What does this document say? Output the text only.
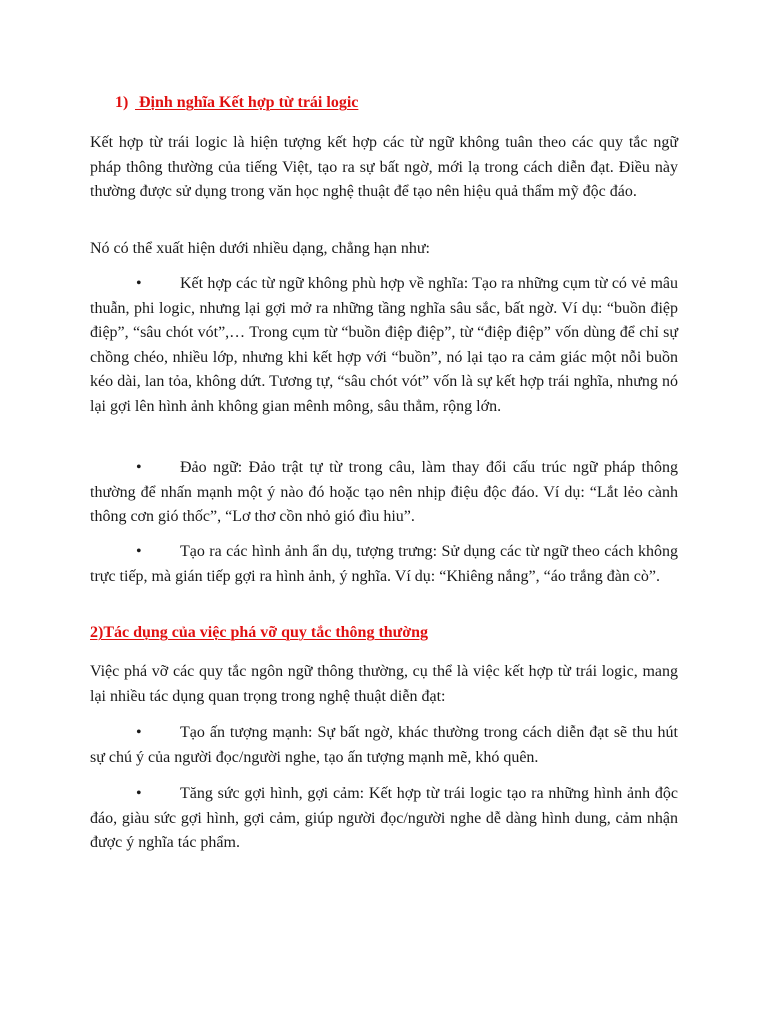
1) Định nghĩa Kết hợp từ trái logic

Kết hợp từ trái logic là hiện tượng kết hợp các từ ngữ không tuân theo các quy tắc ngữ pháp thông thường của tiếng Việt, tạo ra sự bất ngờ, mới lạ trong cách diễn đạt. Điều này thường được sử dụng trong văn học nghệ thuật để tạo nên hiệu quả thẩm mỹ độc đáo.

Nó có thể xuất hiện dưới nhiều dạng, chẳng hạn như:

• Kết hợp các từ ngữ không phù hợp về nghĩa: Tạo ra những cụm từ có vẻ mâu thuẫn, phi logic, nhưng lại gợi mở ra những tầng nghĩa sâu sắc, bất ngờ. Ví dụ: “buồn điệp điệp”, “sâu chót vót”,… Trong cụm từ “buồn điệp điệp”, từ “điệp điệp” vốn dùng để chỉ sự chồng chéo, nhiều lớp, nhưng khi kết hợp với “buồn”, nó lại tạo ra cảm giác một nỗi buồn kéo dài, lan tỏa, không dứt. Tương tự, “sâu chót vót” vốn là sự kết hợp trái nghĩa, nhưng nó lại gợi lên hình ảnh không gian mênh mông, sâu thẳm, rộng lớn.

• Đảo ngữ: Đảo trật tự từ trong câu, làm thay đổi cấu trúc ngữ pháp thông thường để nhấn mạnh một ý nào đó hoặc tạo nên nhịp điệu độc đáo. Ví dụ: “Lắt lẻo cành thông cơn gió thốc”, “Lơ thơ cồn nhỏ gió đìu hiu”.

• Tạo ra các hình ảnh ẩn dụ, tượng trưng: Sử dụng các từ ngữ theo cách không trực tiếp, mà gián tiếp gợi ra hình ảnh, ý nghĩa. Ví dụ: “Khiêng nắng”, “áo trắng đàn cò”.

2)Tác dụng của việc phá vỡ quy tắc thông thường

Việc phá vỡ các quy tắc ngôn ngữ thông thường, cụ thể là việc kết hợp từ trái logic, mang lại nhiều tác dụng quan trọng trong nghệ thuật diễn đạt:

• Tạo ấn tượng mạnh: Sự bất ngờ, khác thường trong cách diễn đạt sẽ thu hút sự chú ý của người đọc/người nghe, tạo ấn tượng mạnh mẽ, khó quên.

• Tăng sức gợi hình, gợi cảm: Kết hợp từ trái logic tạo ra những hình ảnh độc đáo, giàu sức gợi hình, gợi cảm, giúp người đọc/người nghe dễ dàng hình dung, cảm nhận được ý nghĩa tác phẩm.
